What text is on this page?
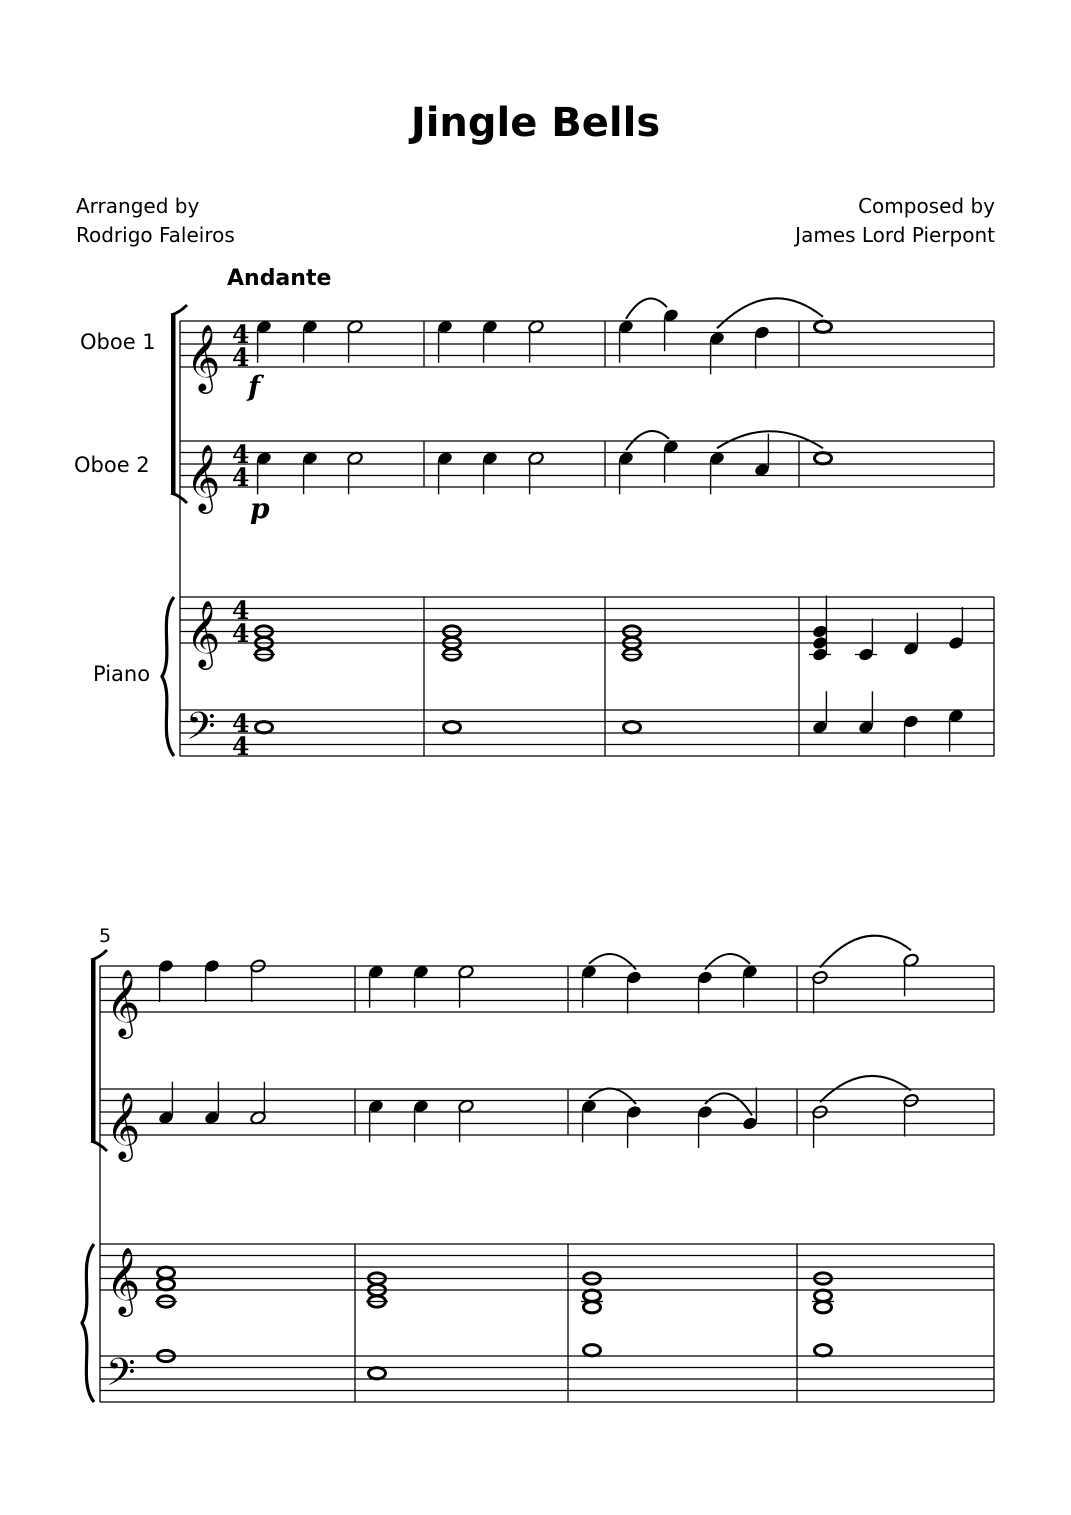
Jingle Bells
Arranged by
Rodrigo Faleiros
Composed by
James Lord Pierpont
Andante
Oboe 1
Oboe 2
Piano
5
𝄞
𝄞
𝄞
𝄢
𝄞
𝄞
𝄞
𝄢
4
4
4
4
4
4
4
4
f
p
